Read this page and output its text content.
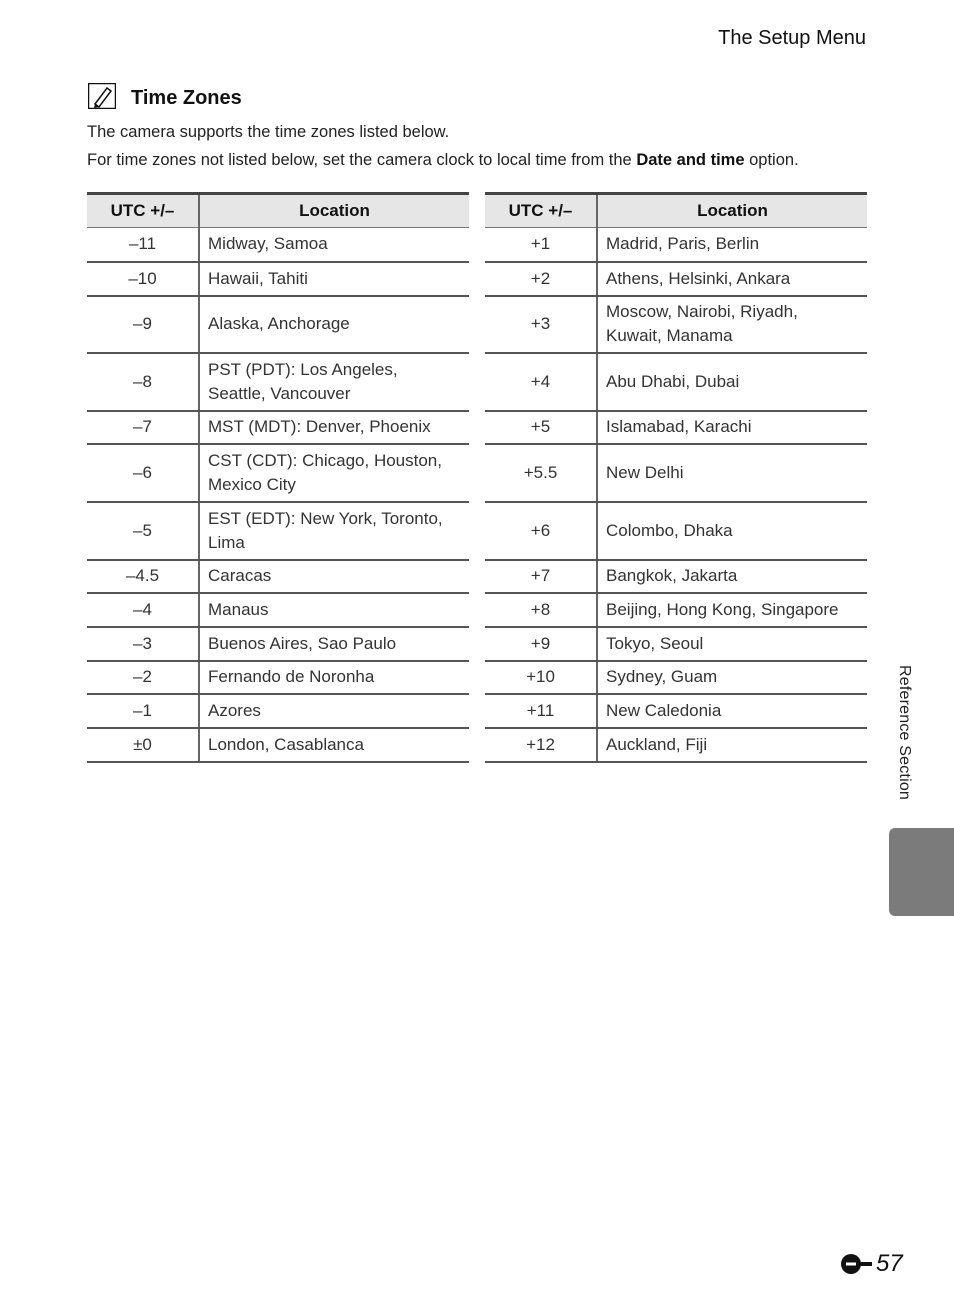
The Setup Menu
Time Zones
The camera supports the time zones listed below.
For time zones not listed below, set the camera clock to local time from the Date and time option.
UTC +/–	Location
–11	Midway, Samoa
–10	Hawaii, Tahiti
–9	Alaska, Anchorage
–8	PST (PDT): Los Angeles, Seattle, Vancouver
–7	MST (MDT): Denver, Phoenix
–6	CST (CDT): Chicago, Houston, Mexico City
–5	EST (EDT): New York, Toronto, Lima
–4.5	Caracas
–4	Manaus
–3	Buenos Aires, Sao Paulo
–2	Fernando de Noronha
–1	Azores
±0	London, Casablanca
UTC +/–	Location
+1	Madrid, Paris, Berlin
+2	Athens, Helsinki, Ankara
+3	Moscow, Nairobi, Riyadh, Kuwait, Manama
+4	Abu Dhabi, Dubai
+5	Islamabad, Karachi
+5.5	New Delhi
+6	Colombo, Dhaka
+7	Bangkok, Jakarta
+8	Beijing, Hong Kong, Singapore
+9	Tokyo, Seoul
+10	Sydney, Guam
+11	New Caledonia
+12	Auckland, Fiji	Reference Section
57
